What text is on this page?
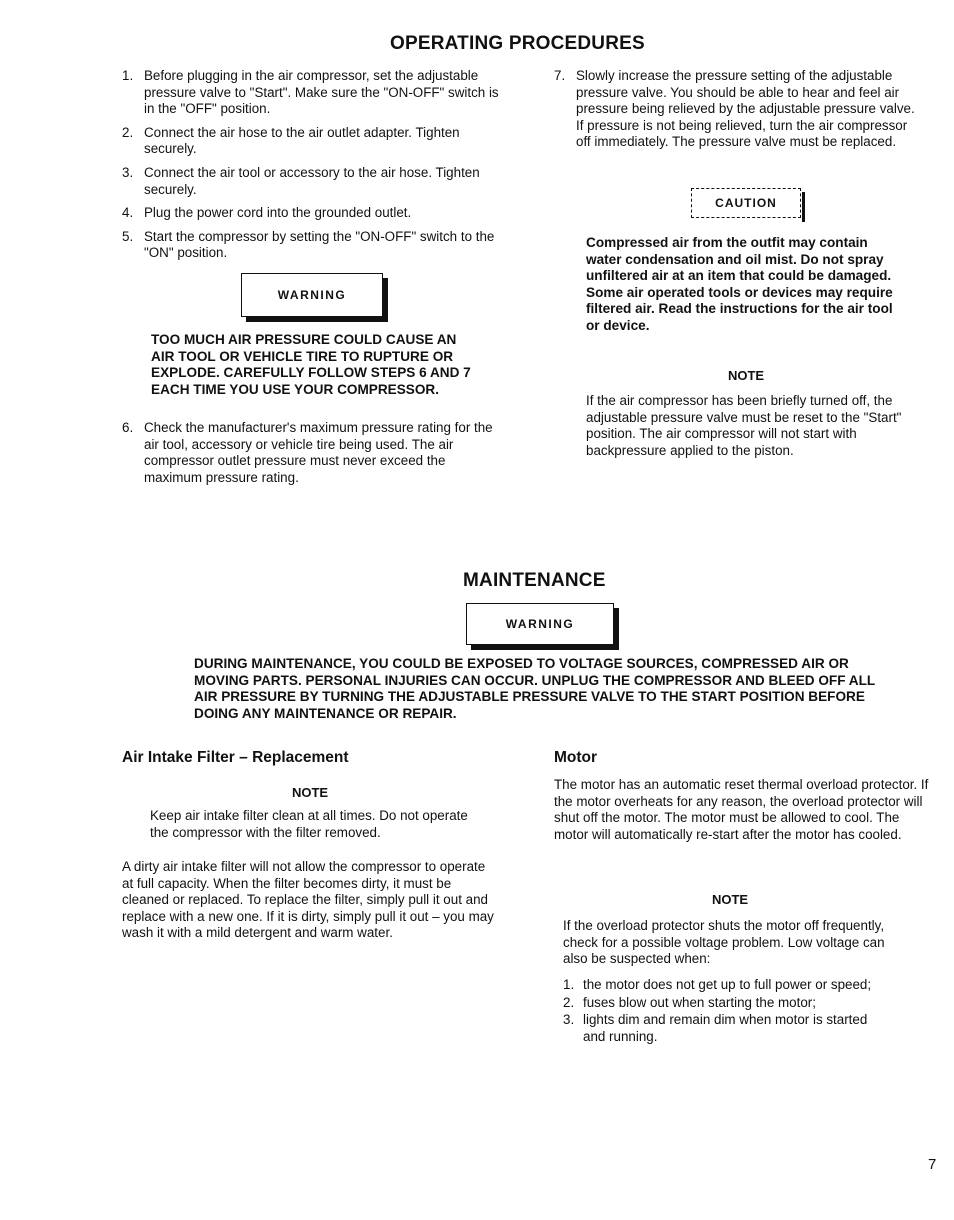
OPERATING PROCEDURES
1. Before plugging in the air compressor, set the adjustable pressure valve to "Start". Make sure the "ON-OFF" switch is in the "OFF" position.
2. Connect the air hose to the air outlet adapter. Tighten securely.
3. Connect the air tool or accessory to the air hose. Tighten securely.
4. Plug the power cord into the grounded outlet.
5. Start the compressor by setting the "ON-OFF" switch to the "ON" position.
WARNING
TOO MUCH AIR PRESSURE COULD CAUSE AN AIR TOOL OR VEHICLE TIRE TO RUPTURE OR EXPLODE. CAREFULLY FOLLOW STEPS 6 AND 7 EACH TIME YOU USE YOUR COMPRESSOR.
6. Check the manufacturer's maximum pressure rating for the air tool, accessory or vehicle tire being used. The air compressor outlet pressure must never exceed the maximum pressure rating.
7. Slowly increase the pressure setting of the adjustable pressure valve. You should be able to hear and feel air pressure being relieved by the adjustable pressure valve. If pressure is not being relieved, turn the air compressor off immediately. The pressure valve must be replaced.
CAUTION
Compressed air from the outfit may contain water condensation and oil mist. Do not spray unfiltered air at an item that could be damaged. Some air operated tools or devices may require filtered air. Read the instructions for the air tool or device.
NOTE
If the air compressor has been briefly turned off, the adjustable pressure valve must be reset to the "Start" position. The air compressor will not start with backpressure applied to the piston.
MAINTENANCE
WARNING
DURING MAINTENANCE, YOU COULD BE EXPOSED TO VOLTAGE SOURCES, COMPRESSED AIR OR MOVING PARTS. PERSONAL INJURIES CAN OCCUR. UNPLUG THE COMPRESSOR AND BLEED OFF ALL AIR PRESSURE BY TURNING THE ADJUSTABLE PRESSURE VALVE TO THE START POSITION BEFORE DOING ANY MAINTENANCE OR REPAIR.
Air Intake Filter – Replacement
NOTE
Keep air intake filter clean at all times. Do not operate the compressor with the filter removed.
A dirty air intake filter will not allow the compressor to operate at full capacity. When the filter becomes dirty, it must be cleaned or replaced. To replace the filter, simply pull it out and replace with a new one. If it is dirty, simply pull it out – you may wash it with a mild detergent and warm water.
Motor
The motor has an automatic reset thermal overload protector. If the motor overheats for any reason, the overload protector will shut off the motor. The motor must be allowed to cool. The motor will automatically re-start after the motor has cooled.
NOTE
If the overload protector shuts the motor off frequently, check for a possible voltage problem. Low voltage can also be suspected when:
1. the motor does not get up to full power or speed;
2. fuses blow out when starting the motor;
3. lights dim and remain dim when motor is started and running.
7
